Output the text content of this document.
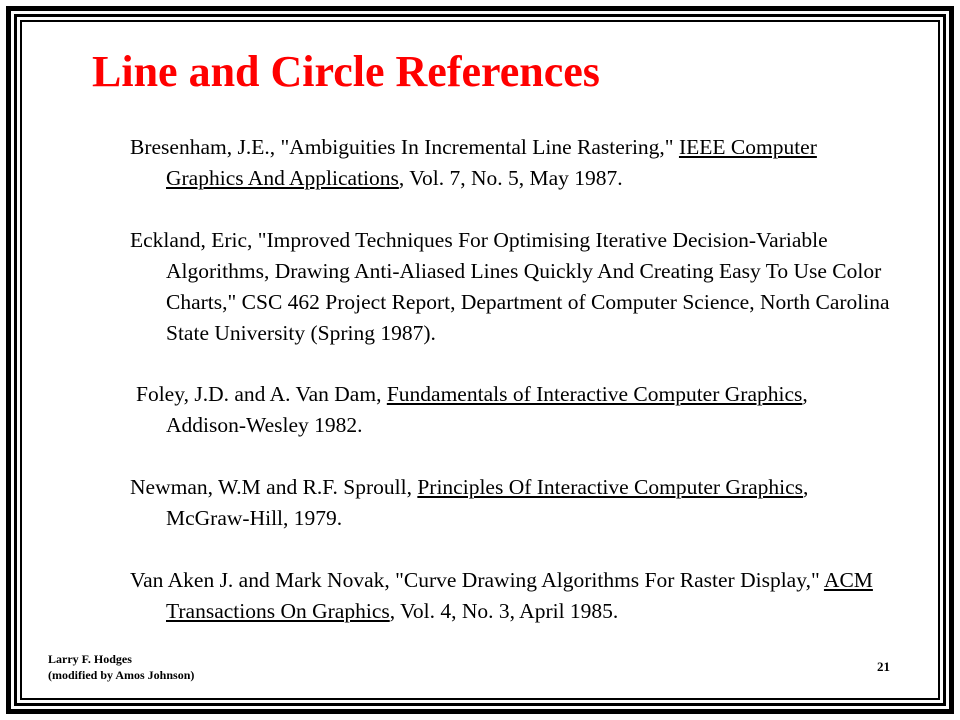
Line and Circle References
Bresenham, J.E., "Ambiguities In Incremental Line Rastering," IEEE Computer Graphics And Applications, Vol. 7, No. 5, May 1987.
Eckland, Eric, "Improved Techniques For Optimising Iterative Decision-Variable Algorithms, Drawing Anti-Aliased Lines Quickly And Creating Easy To Use Color Charts," CSC 462 Project Report, Department of Computer Science, North Carolina State University (Spring 1987).
Foley, J.D. and A. Van Dam, Fundamentals of Interactive Computer Graphics, Addison-Wesley 1982.
Newman, W.M and R.F. Sproull, Principles Of Interactive Computer Graphics, McGraw-Hill, 1979.
Van Aken J. and Mark Novak, "Curve Drawing Algorithms For Raster Display," ACM Transactions On Graphics, Vol. 4, No. 3, April 1985.
Larry F. Hodges
(modified by Amos Johnson)
21
